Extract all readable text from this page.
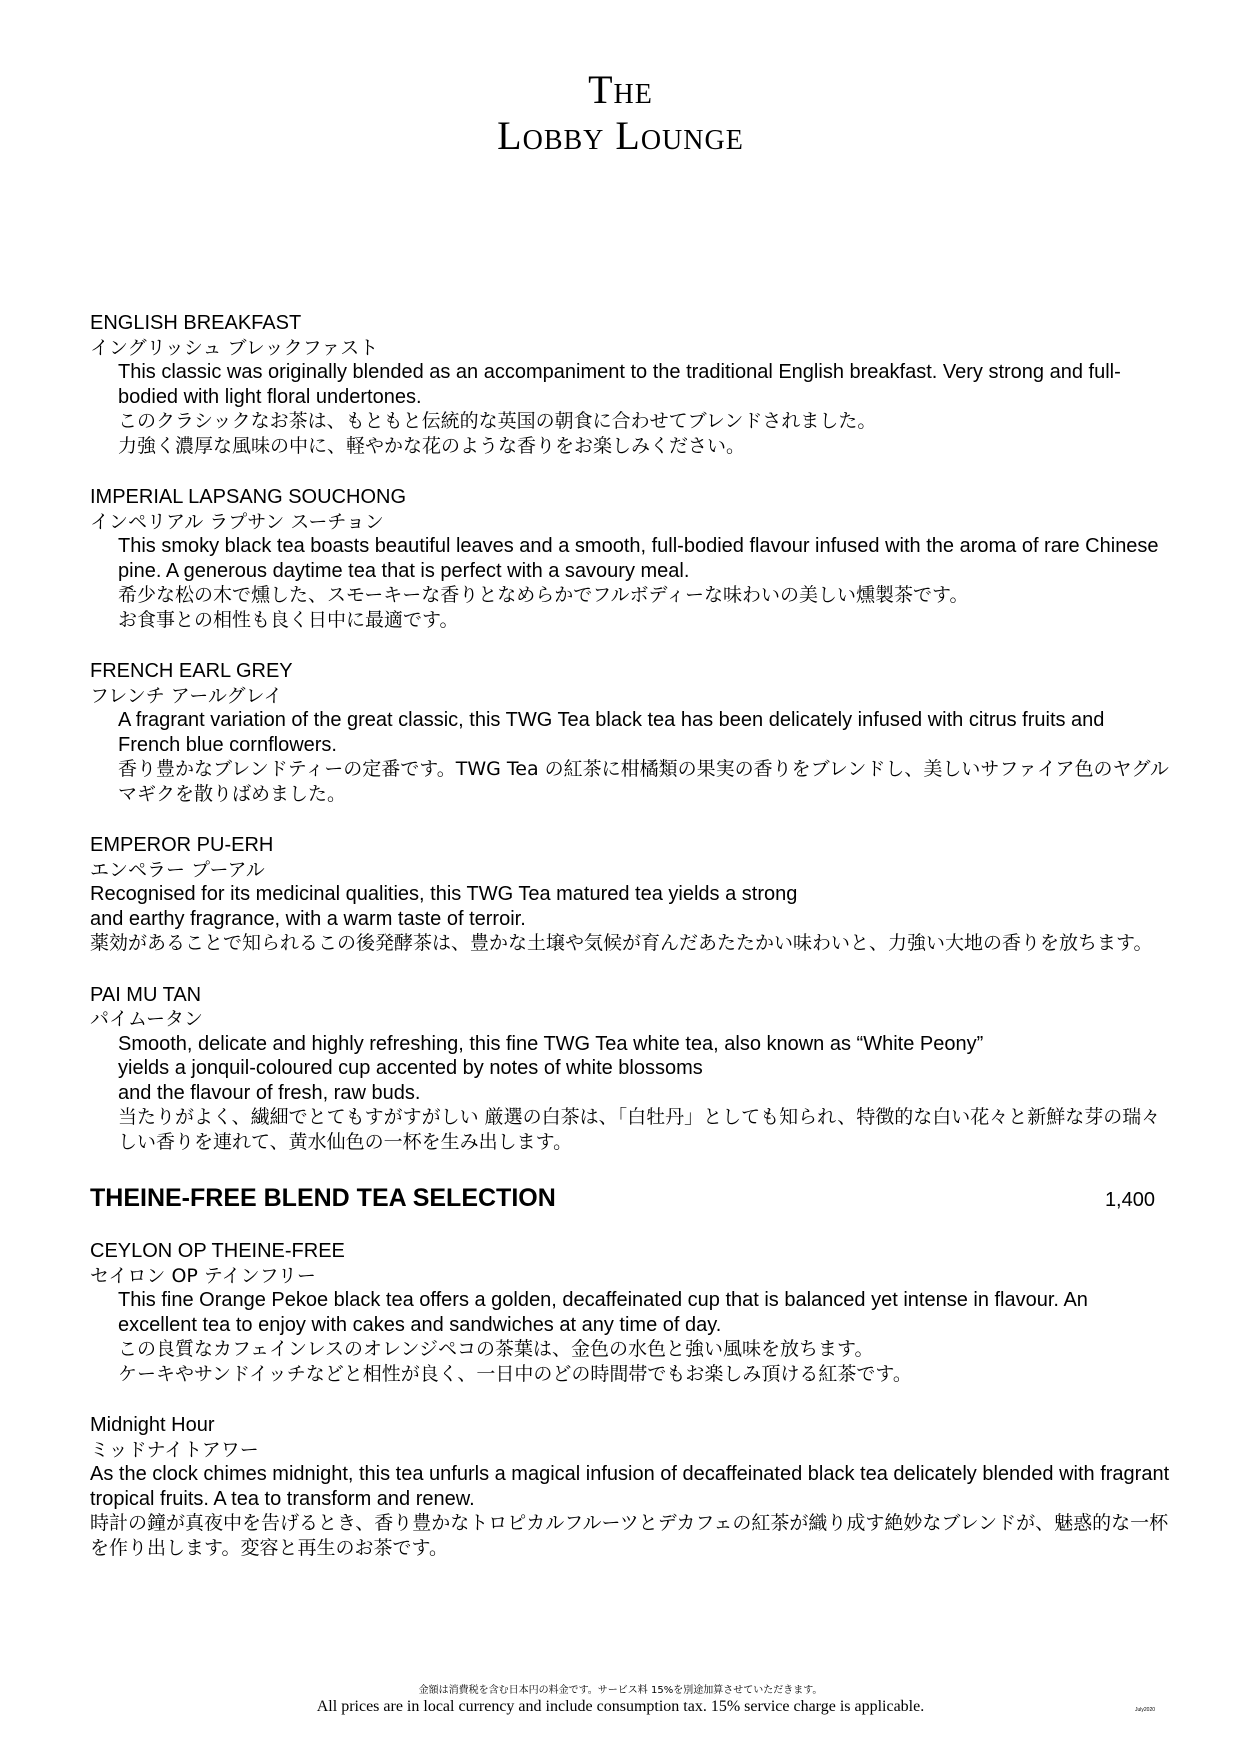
The
Lobby Lounge
ENGLISH BREAKFAST
イングリッシュ ブレックファスト
This classic was originally blended as an accompaniment to the traditional English breakfast. Very strong and full-bodied with light floral undertones.
このクラシックなお茶は、もともと伝統的な英国の朝食に合わせてブレンドされました。
力強く濃厚な風味の中に、軽やかな花のような香りをお楽しみください。
IMPERIAL LAPSANG SOUCHONG
インペリアル ラプサン スーチョン
This smoky black tea boasts beautiful leaves and a smooth, full-bodied flavour infused with the aroma of rare Chinese pine. A generous daytime tea that is perfect with a savoury meal.
希少な松の木で燻した、スモーキーな香りとなめらかでフルボディーな味わいの美しい燻製茶です。
お食事との相性も良く日中に最適です。
FRENCH EARL GREY
フレンチ アールグレイ
A fragrant variation of the great classic, this TWG Tea black tea has been delicately infused with citrus fruits and French blue cornflowers.
香り豊かなブレンドティーの定番です。TWG Tea の紅茶に柑橘類の果実の香りをブレンドし、美しいサファイア色のヤグルマギクを散りばめました。
EMPEROR PU-ERH
エンペラー プーアル
Recognised for its medicinal qualities, this TWG Tea matured tea yields a strong
and earthy fragrance, with a warm taste of terroir.
薬効があることで知られるこの後発酵茶は、豊かな土壌や気候が育んだあたたかい味わいと、力強い大地の香りを放ちます。
PAI MU TAN
パイムータン
Smooth, delicate and highly refreshing, this fine TWG Tea white tea, also known as “White Peony”
yields a jonquil-coloured cup accented by notes of white blossoms
and the flavour of fresh, raw buds.
当たりがよく、繊細でとてもすがすがしい 厳選の白茶は、「白牡丹」としても知られ、特徴的な白い花々と新鮮な芽の瑞々しい香りを連れて、黄水仙色の一杯を生み出します。
THEINE-FREE BLEND TEA SELECTION	1,400
CEYLON OP THEINE-FREE
セイロン OP テインフリー
This fine Orange Pekoe black tea offers a golden, decaffeinated cup that is balanced yet intense in flavour. An excellent tea to enjoy with cakes and sandwiches at any time of day.
この良質なカフェインレスのオレンジペコの茶葉は、金色の水色と強い風味を放ちます。
ケーキやサンドイッチなどと相性が良く、一日中のどの時間帯でもお楽しみ頂ける紅茶です。
Midnight Hour
ミッドナイトアワー
As the clock chimes midnight, this tea unfurls a magical infusion of decaffeinated black tea delicately blended with fragrant tropical fruits. A tea to transform and renew.
時計の鐘が真夜中を告げるとき、香り豊かなトロピカルフルーツとデカフェの紅茶が織り成す絶妙なブレンドが、魅惑的な一杯を作り出します。変容と再生のお茶です。
金額は消費税を含む日本円の料金です。サービス料 15%を別途加算させていただきます。
All prices are in local currency and include consumption tax. 15% service charge is applicable.	July2020
